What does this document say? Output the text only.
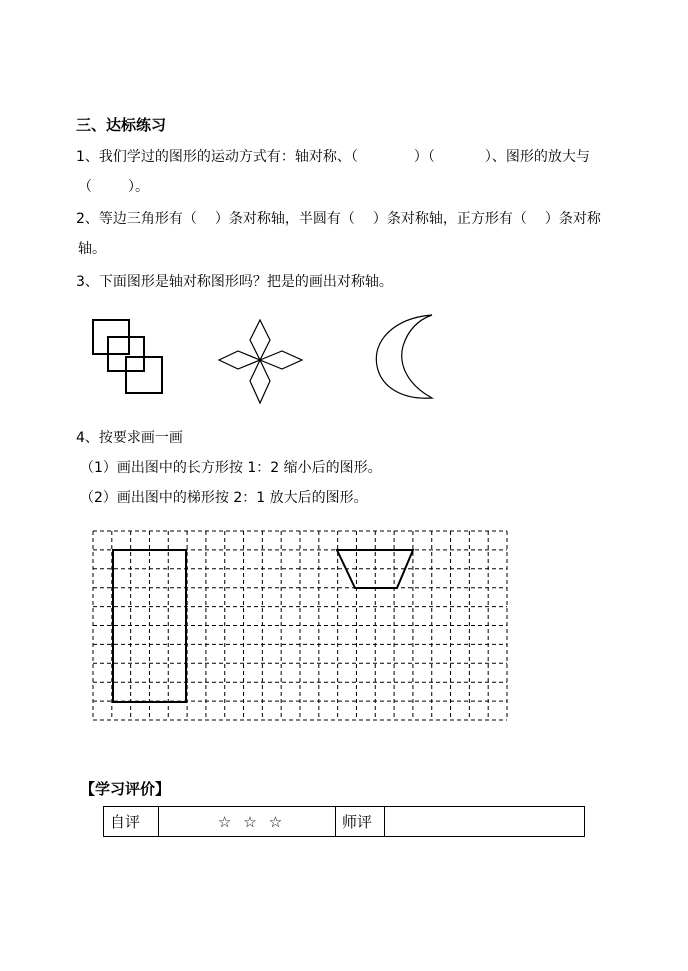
三、达标练习
1、我们学过的图形的运动方式有：轴对称、（	）（	）、图形的放大与
（	）。
2、等边三角形有（ ）条对称轴，半圆有（ ）条对称轴，正方形有（ ）条对称
轴。
3、下面图形是轴对称图形吗？把是的画出对称轴。
4、按要求画一画
（1）画出图中的长方形按 1：2 缩小后的图形。
（2）画出图中的梯形按 2：1 放大后的图形。
【学习评价】
自评	☆ ☆ ☆	师评	
